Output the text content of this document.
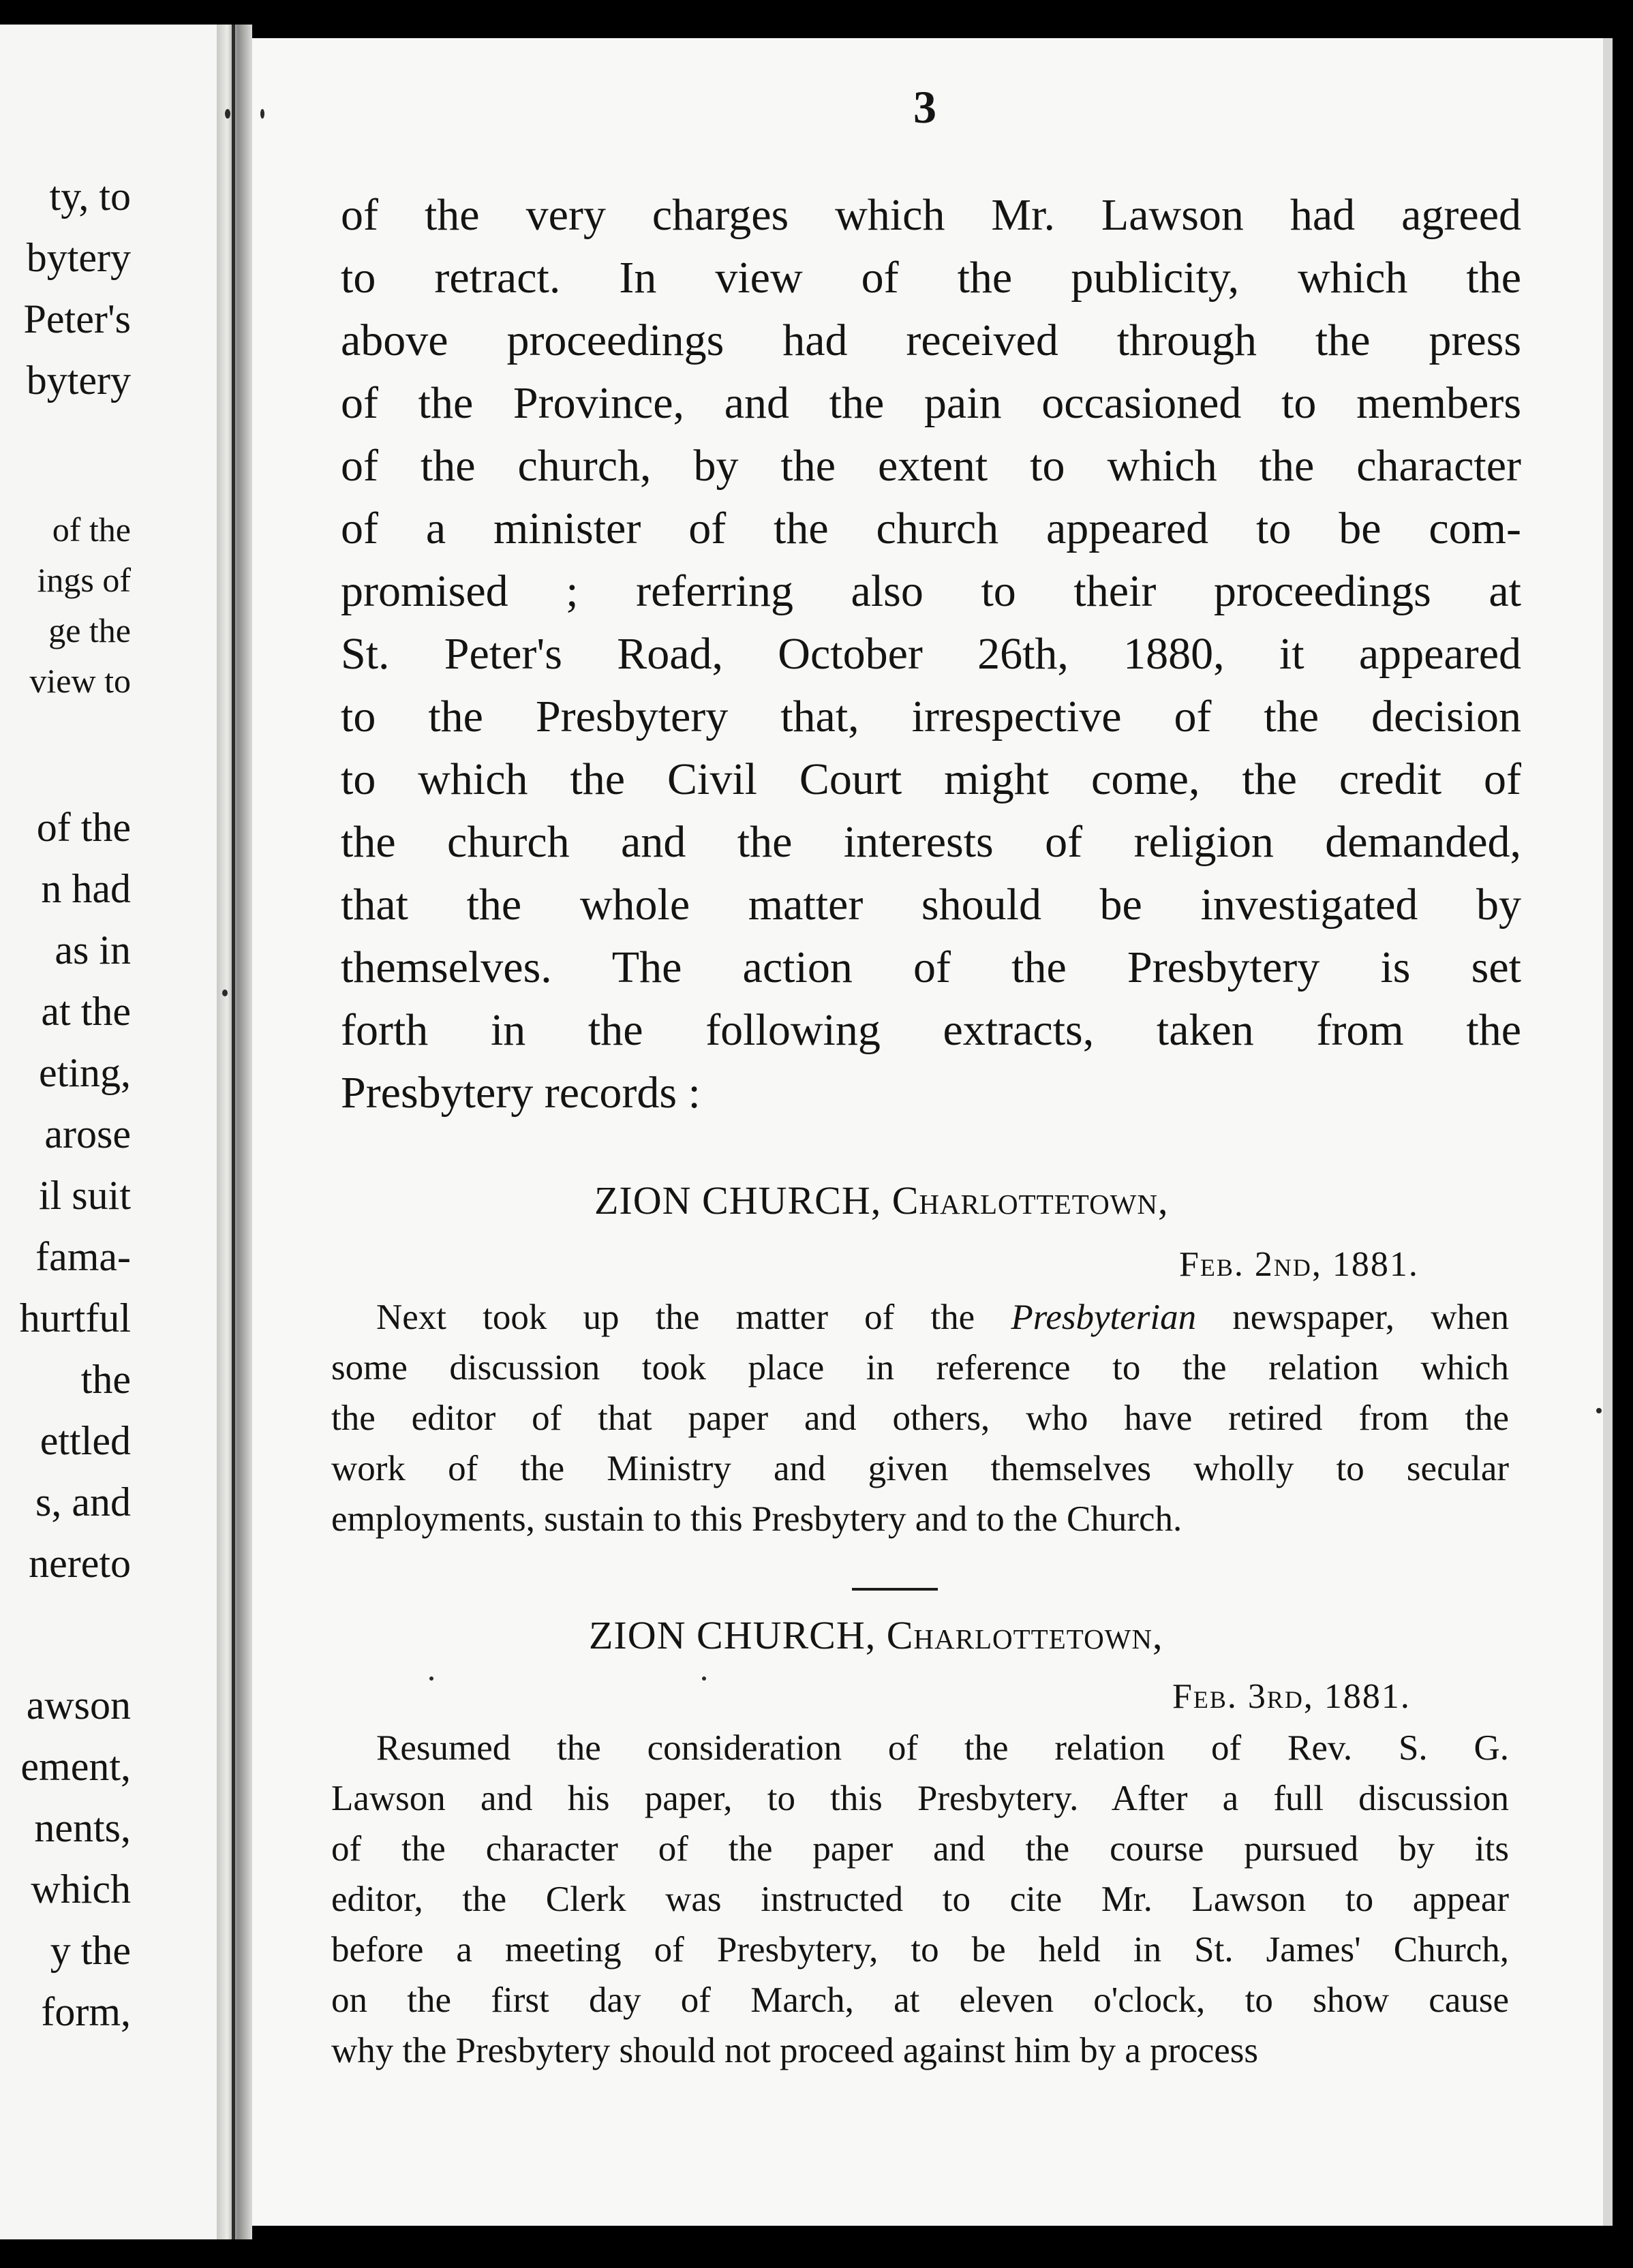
ty, to
bytery
Peter's
bytery
of the
ings of
ge the
view to
of the
n had
as in
at the
eting,
arose
il suit
fama-
hurtful
the
ettled
s, and
nereto
awson
ement,
nents,
which
y the
form,
3
of the very charges which Mr. Lawson had agreed
to retract. In view of the publicity, which the
above proceedings had received through the press
of the Province, and the pain occasioned to members
of the church, by the extent to which the character
of a minister of the church appeared to be com-
promised ; referring also to their proceedings at
St. Peter's Road, October 26th, 1880, it appeared
to the Presbytery that, irrespective of the decision
to which the Civil Court might come, the credit of
the church and the interests of religion demanded,
that the whole matter should be investigated by
themselves. The action of the Presbytery is set
forth in the following extracts, taken from the
Presbytery records :
ZION CHURCH, Charlottetown,
Feb. 2nd, 1881.
Next took up the matter of the Presbyterian newspaper, when
some discussion took place in reference to the relation which
the editor of that paper and others, who have retired from the
work of the Ministry and given themselves wholly to secular
employments, sustain to this Presbytery and to the Church.
ZION CHURCH, Charlottetown,
Feb. 3rd, 1881.
Resumed the consideration of the relation of Rev. S. G.
Lawson and his paper, to this Presbytery. After a full discussion
of the character of the paper and the course pursued by its
editor, the Clerk was instructed to cite Mr. Lawson to appear
before a meeting of Presbytery, to be held in St. James' Church,
on the first day of March, at eleven o'clock, to show cause
why the Presbytery should not proceed against him by a process
